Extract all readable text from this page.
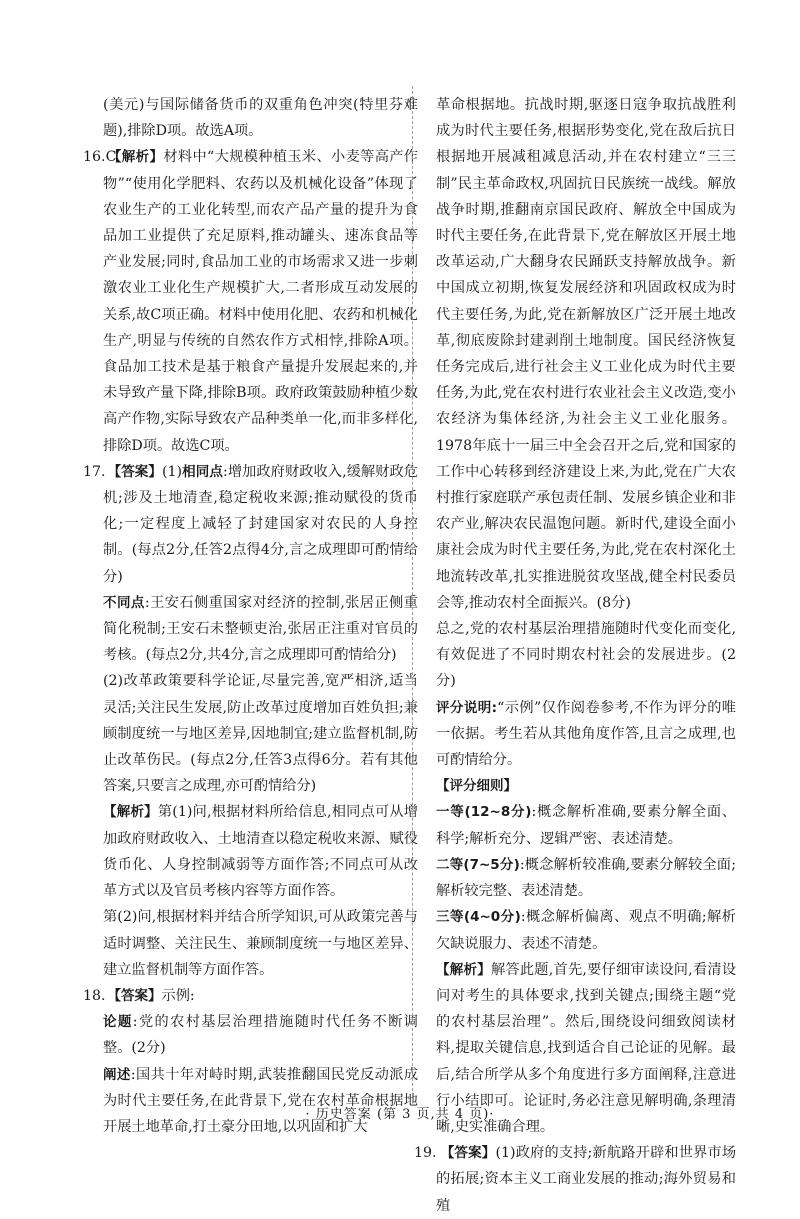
(美元)与国际储备货币的双重角色冲突(特里芬难题),排除D项。故选A项。

16.C 【解析】材料中“大规模种植玉米、小麦等高产作物”“使用化学肥料、农药以及机械化设备”体现了农业生产的工业化转型,而农产品产量的提升为食品加工业提供了充足原料,推动罐头、速冻食品等产业发展;同时,食品加工业的市场需求又进一步刺激农业工业化生产规模扩大,二者形成互动发展的关系,故C项正确。材料中使用化肥、农药和机械化生产,明显与传统的自然农作方式相悖,排除A项。食品加工技术是基于粮食产量提升发展起来的,并未导致产量下降,排除B项。政府政策鼓励种植少数高产作物,实际导致农产品种类单一化,而非多样化,排除D项。故选C项。

17. 【答案】(1)相同点:增加政府财政收入,缓解财政危机;涉及土地清查,稳定税收来源;推动赋役的货币化;一定程度上减轻了封建国家对农民的人身控制。(每点2分,任答2点得4分,言之成理即可酌情给分)

不同点:王安石侧重国家对经济的控制,张居正侧重简化税制;王安石未整顿吏治,张居正注重对官员的考核。(每点2分,共4分,言之成理即可酌情给分)

(2)改革政策要科学论证,尽量完善,宽严相济,适当灵活;关注民生发展,防止改革过度增加百姓负担;兼顾制度统一与地区差异,因地制宜;建立监督机制,防止改革伤民。(每点2分,任答3点得6分。若有其他答案,只要言之成理,亦可酌情给分)

【解析】第(1)问,根据材料所给信息,相同点可从增加政府财政收入、土地清查以稳定税收来源、赋役货币化、人身控制减弱等方面作答;不同点可从改革方式以及官员考核内容等方面作答。

第(2)问,根据材料并结合所学知识,可从政策完善与适时调整、关注民生、兼顾制度统一与地区差异、建立监督机制等方面作答。

18. 【答案】示例:

论题:党的农村基层治理措施随时代任务不断调整。(2分)

阐述:国共十年对峙时期,武装推翻国民党反动派成为时代主要任务,在此背景下,党在农村革命根据地开展土地革命,打土豪分田地,以巩固和扩大

革命根据地。抗战时期,驱逐日寇争取抗战胜利成为时代主要任务,根据形势变化,党在敌后抗日根据地开展减租减息活动,并在农村建立“三三制”民主革命政权,巩固抗日民族统一战线。解放战争时期,推翻南京国民政府、解放全中国成为时代主要任务,在此背景下,党在解放区开展土地改革运动,广大翻身农民踊跃支持解放战争。新中国成立初期,恢复发展经济和巩固政权成为时代主要任务,为此,党在新解放区广泛开展土地改革,彻底废除封建剥削土地制度。国民经济恢复任务完成后,进行社会主义工业化成为时代主要任务,为此,党在农村进行农业社会主义改造,变小农经济为集体经济,为社会主义工业化服务。1978年底十一届三中全会召开之后,党和国家的工作中心转移到经济建设上来,为此,党在广大农村推行家庭联产承包责任制、发展乡镇企业和非农产业,解决农民温饱问题。新时代,建设全面小康社会成为时代主要任务,为此,党在农村深化土地流转改革,扎实推进脱贫攻坚战,健全村民委员会等,推动农村全面振兴。(8分)

总之,党的农村基层治理措施随时代变化而变化,有效促进了不同时期农村社会的发展进步。(2分)

评分说明:“示例”仅作阅卷参考,不作为评分的唯一依据。考生若从其他角度作答,且言之成理,也可酌情给分。

【评分细则】

一等(12~8分):概念解析准确,要素分解全面、科学;解析充分、逻辑严密、表述清楚。

二等(7~5分):概念解析较准确,要素分解较全面;解析较完整、表述清楚。

三等(4~0分):概念解析偏离、观点不明确;解析欠缺说服力、表述不清楚。

【解析】解答此题,首先,要仔细审读设问,看清设问对考生的具体要求,找到关键点;围绕主题“党的农村基层治理”。然后,围绕设问细致阅读材料,提取关键信息,找到适合自己论证的见解。最后,结合所学从多个角度进行多方面阐释,注意进行小结即可。论证时,务必注意见解明确,条理清晰,史实准确合理。

19. 【答案】(1)政府的支持;新航路开辟和世界市场的拓展;资本主义工商业发展的推动;海外贸易和殖

· 历史答案 (第 3 页,共 4 页)·
